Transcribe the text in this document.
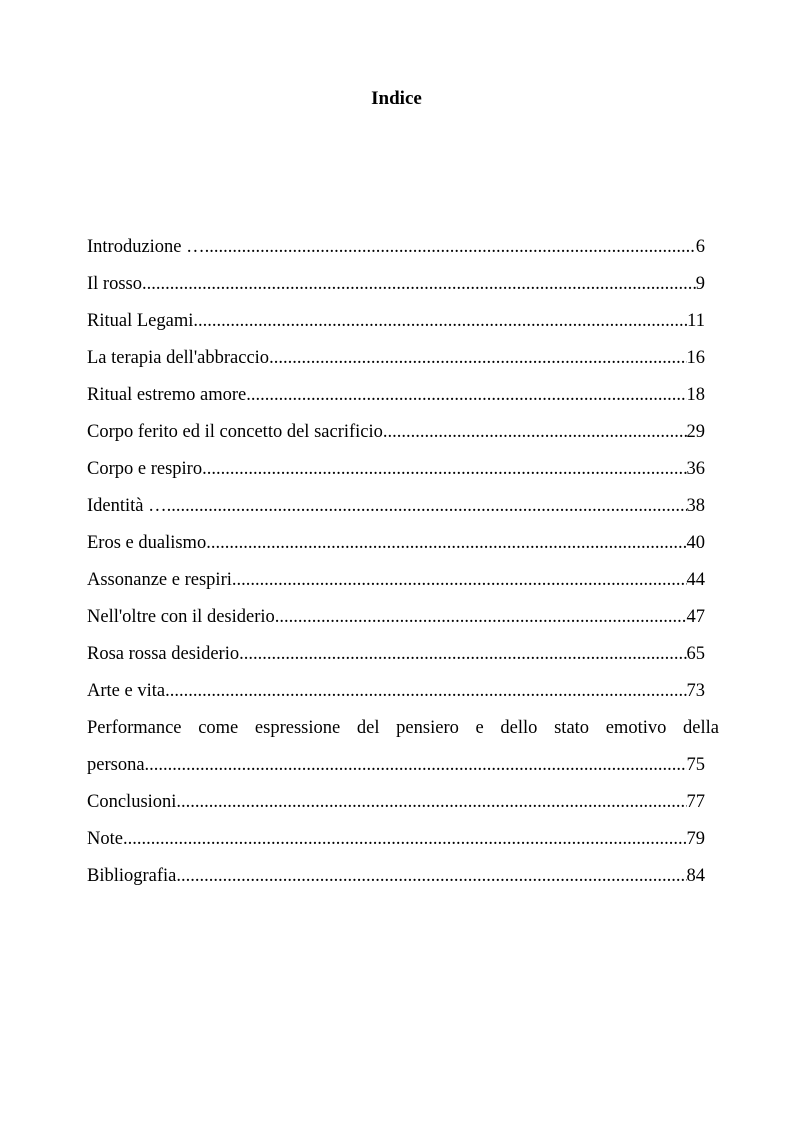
Indice
Introduzione … .....	6
Il rosso .....	9
Ritual Legami .....	11
La terapia dell'abbraccio .....	16
Ritual estremo amore .....	18
Corpo ferito ed il concetto del sacrificio .....	29
Corpo e respiro .....	36
Identità … .....	38
Eros e dualismo .....	40
Assonanze e respiri .....	44
Nell'oltre con il desiderio .....	47
Rosa rossa desiderio .....	65
Arte e vita .....	73
Performance come espressione del pensiero e dello stato emotivo della
persona .....	75
Conclusioni .....	77
Note .....	79
Bibliografia .....	84
